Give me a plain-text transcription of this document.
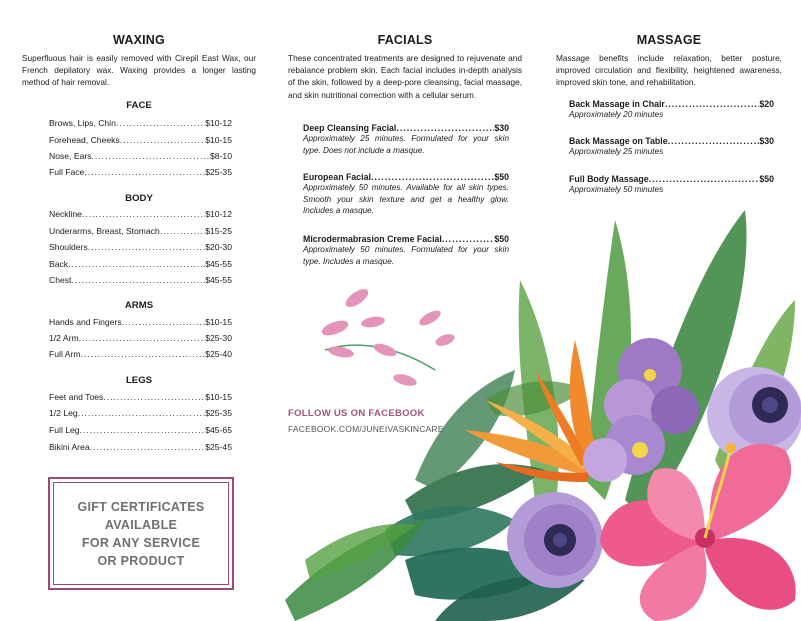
WAXING

Superfluous hair is easily removed with Cirepil East Wax, our French depilatory wax. Waxing provides a longer lasting method of hair removal.

FACE
Brows, Lips, Chin .....	$10-12
Forehead, Cheeks .....	$10-15
Nose, Ears .....	$8-10
Full Face .....	$25-35
BODY
Neckline .....	$10-12
Underarms, Breast, Stomach .....	$15-25
Shoulders .....	$20-30
Back .....	$45-55
Chest .....	$45-55
ARMS
Hands and Fingers .....	$10-15
1/2 Arm .....	$25-30
Full Arm .....	$25-40
LEGS
Feet and Toes .....	$10-15
1/2 Leg .....	$25-35
Full Leg .....	$45-65
Bikini Area .....	$25-45
GIFT CERTIFICATES
AVAILABLE
FOR ANY SERVICE
OR PRODUCT
FACIALS

These concentrated treatments are designed to rejuvenate and rebalance problem skin. Each facial includes in-depth analysis of the skin, followed by a deep-pore cleansing, facial massage, and skin nutritional correction with a cellular serum.

Deep Cleansing Facial .....	$30

Approximately 25 minutes. Formulated for your skin type. Does not include a masque.

European Facial .....	$50

Approximately 50 minutes. Available for all skin types. Smooth your skin texture and get a healthy glow. Includes a masque.

Microdermabrasion Creme Facial .....	$50

Approximately 50 minutes. Formulated for your skin type. Includes a masque.

MASSAGE

Massage benefits include relaxation, better posture, improved circulation and flexibility, heightened awareness, improved skin tone, and rehabilitation.

Back Massage in Chair .....	$20

Approximately 20 minutes

Back Massage on Table .....	$30

Approximately 25 minutes

Full Body Massage .....	$50

Approximately 50 minutes

FOLLOW US ON FACEBOOK
FACEBOOK.COM/JUNEIVASKINCARE
